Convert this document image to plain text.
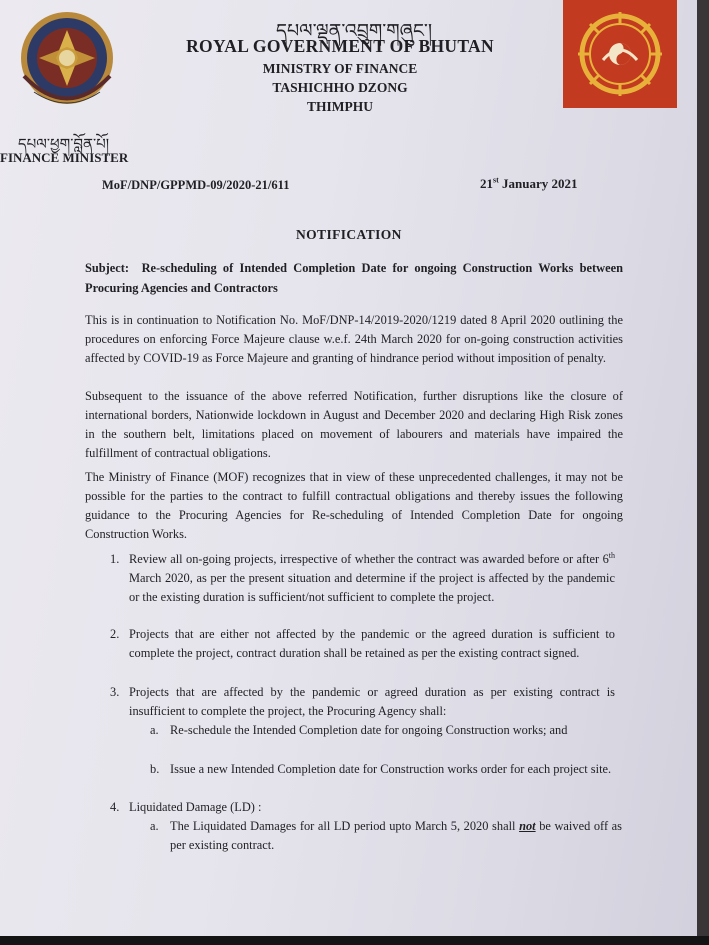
དཔལ་ལྡན་འབྲུག་གཞུང་།
ROYAL GOVERNMENT OF BHUTAN
MINISTRY OF FINANCE
TASHICHHO DZONG
THIMPHU
དཔལ་ཕྱག་བློན་པོ།
FINANCE MINISTER
MoF/DNP/GPPMD-09/2020-21/611	21st January 2021
NOTIFICATION
Subject: Re-scheduling of Intended Completion Date for ongoing Construction Works between Procuring Agencies and Contractors

This is in continuation to Notification No. MoF/DNP-14/2019-2020/1219 dated 8 April 2020 outlining the procedures on enforcing Force Majeure clause w.e.f. 24th March 2020 for on-going construction activities affected by COVID-19 as Force Majeure and granting of hindrance period without imposition of penalty.

Subsequent to the issuance of the above referred Notification, further disruptions like the closure of international borders, Nationwide lockdown in August and December 2020 and declaring High Risk zones in the southern belt, limitations placed on movement of labourers and materials have impaired the fulfillment of contractual obligations.

The Ministry of Finance (MOF) recognizes that in view of these unprecedented challenges, it may not be possible for the parties to the contract to fulfill contractual obligations and thereby issues the following guidance to the Procuring Agencies for Re-scheduling of Intended Completion Date for ongoing Construction Works.

1. Review all on-going projects, irrespective of whether the contract was awarded before or after 6th March 2020, as per the present situation and determine if the project is affected by the pandemic or the existing duration is sufficient/not sufficient to complete the project.
2. Projects that are either not affected by the pandemic or the agreed duration is sufficient to complete the project, contract duration shall be retained as per the existing contract signed.
3. Projects that are affected by the pandemic or agreed duration as per existing contract is insufficient to complete the project, the Procuring Agency shall:
a. Re-schedule the Intended Completion date for ongoing Construction works; and
b. Issue a new Intended Completion date for Construction works order for each project site.
4. Liquidated Damage (LD) :
a. The Liquidated Damages for all LD period upto March 5, 2020 shall not be waived off as per existing contract.
